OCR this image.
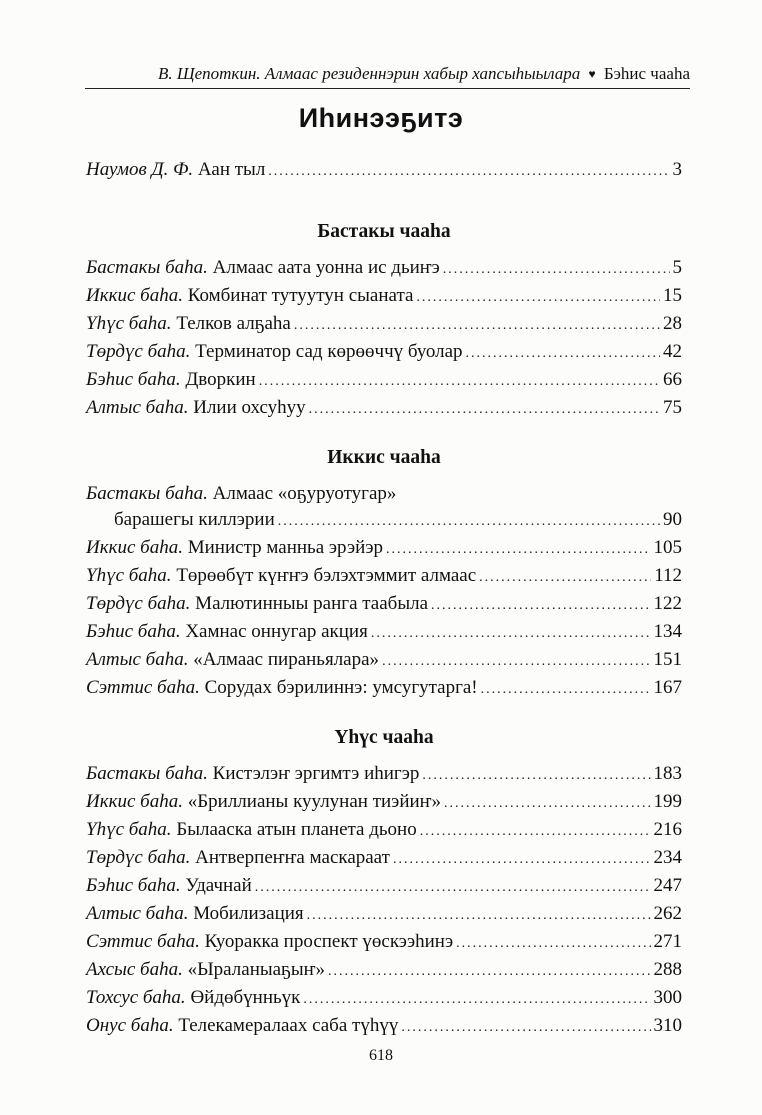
В. Щепоткин. Алмаас резиденнэрин хабыр хапсыһыылара ♥ Бэһис чааһа
Иһинээҕитэ
Наумов Д. Ф. Аан тыл .....	3
Бастакы чааһа
Бастакы баһа. Алмаас аата уонна ис дьиҥэ .....	5
Иккис баһа. Комбинат тутуутун сыаната .....	15
Үһүс баһа. Телков алҕаһа .....	28
Төрдүс баһа. Терминатор сад көрөөччү буолар .....	42
Бэһис баһа. Дворкин .....	66
Алтыс баһа. Илии охсуһуу .....	75
Иккис чааһа
Бастакы баһа. Алмаас «оҕуруотугар»
барашегы киллэрии .....	90
Иккис баһа. Министр манньа эрэйэр .....	105
Үһүс баһа. Төрөөбүт күҥҥэ бэлэхтэммит алмаас .....	112
Төрдүс баһа. Малютинныы ранга таабыла .....	122
Бэһис баһа. Хамнас оннугар акция .....	134
Алтыс баһа. «Алмаас пираньялара» .....	151
Сэттис баһа. Сорудах бэрилиннэ: умсугутарга! .....	167
Үһүс чааһа
Бастакы баһа. Кистэлэҥ эргимтэ иһигэр .....	183
Иккис баһа. «Бриллианы куулунан тиэйиҥ» .....	199
Үһүс баһа. Былааска атын планета дьоно .....	216
Төрдүс баһа. Антверпеҥҥа маскараат .....	234
Бэһис баһа. Удачнай .....	247
Алтыс баһа. Мобилизация .....	262
Сэттис баһа. Куоракка проспект үөскээһинэ .....	271
Ахсыс баһа. «Ыраланыаҕыҥ» .....	288
Тохсус баһа. Өйдөбүнньүк .....	300
Онус баһа. Телекамералаах саба түһүү .....	310
618
